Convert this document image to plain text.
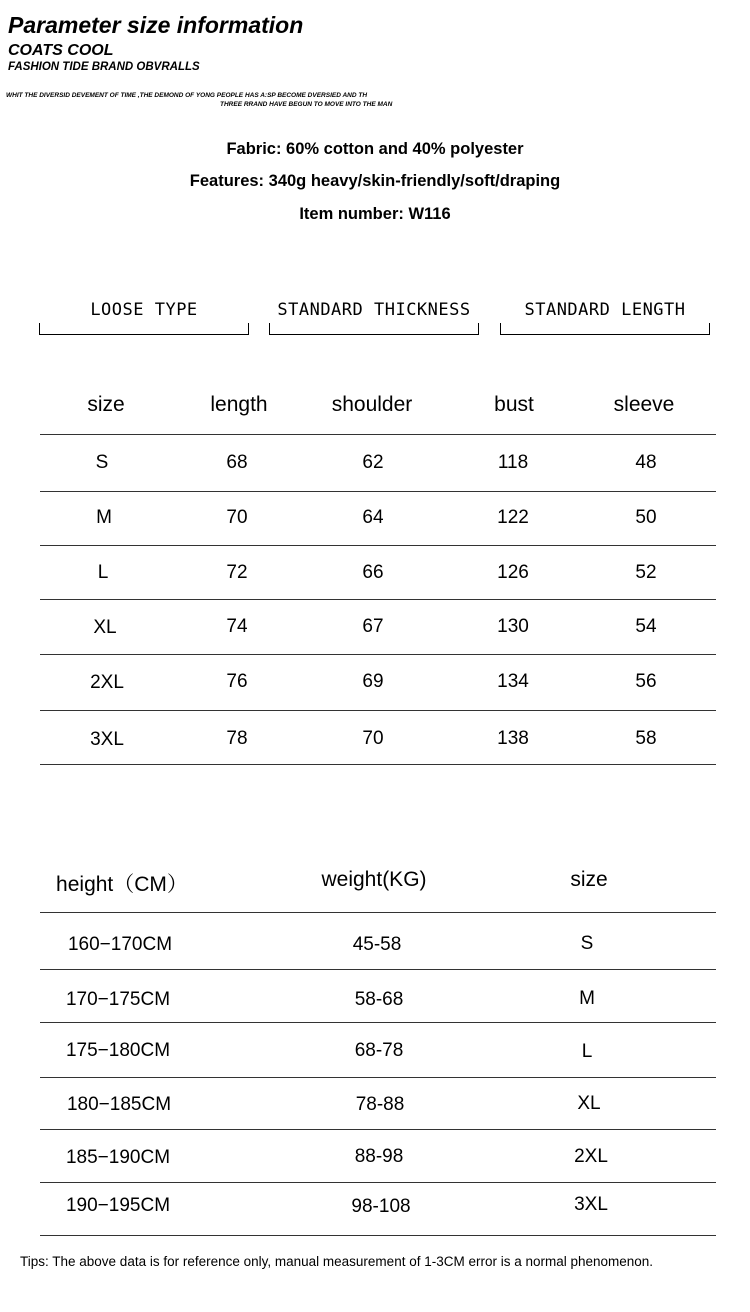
Parameter size information
COATS COOL
FASHION TIDE BRAND OBVRALLS
WHIT THE DIVERSID DEVEMENT OF TIME ,THE DEMOND OF YONG PEOPLE HAS A:SP BECOME DVERSIED AND TH
THREE RRAND HAVE BEGUN TO MOVE INTO THE MAN
Fabric: 60% cotton and 40% polyester
Features: 340g heavy/skin-friendly/soft/draping
Item number: W116
LOOSE TYPE	STANDARD THICKNESS	STANDARD LENGTH
size	length	shoulder	bust	sleeve
S	68	62	118	48
M	70	64	122	50
L	72	66	126	52
XL	74	67	130	54
2XL	76	69	134	56
3XL	78	70	138	58
height（CM）	weight(KG)	size
160−170CM	45-58	S
170−175CM	58-68	M
175−180CM	68-78	L
180−185CM	78-88	XL
185−190CM	88-98	2XL
190−195CM	98-108	3XL
Tips: The above data is for reference only, manual measurement of 1-3CM error is a normal phenomenon.
